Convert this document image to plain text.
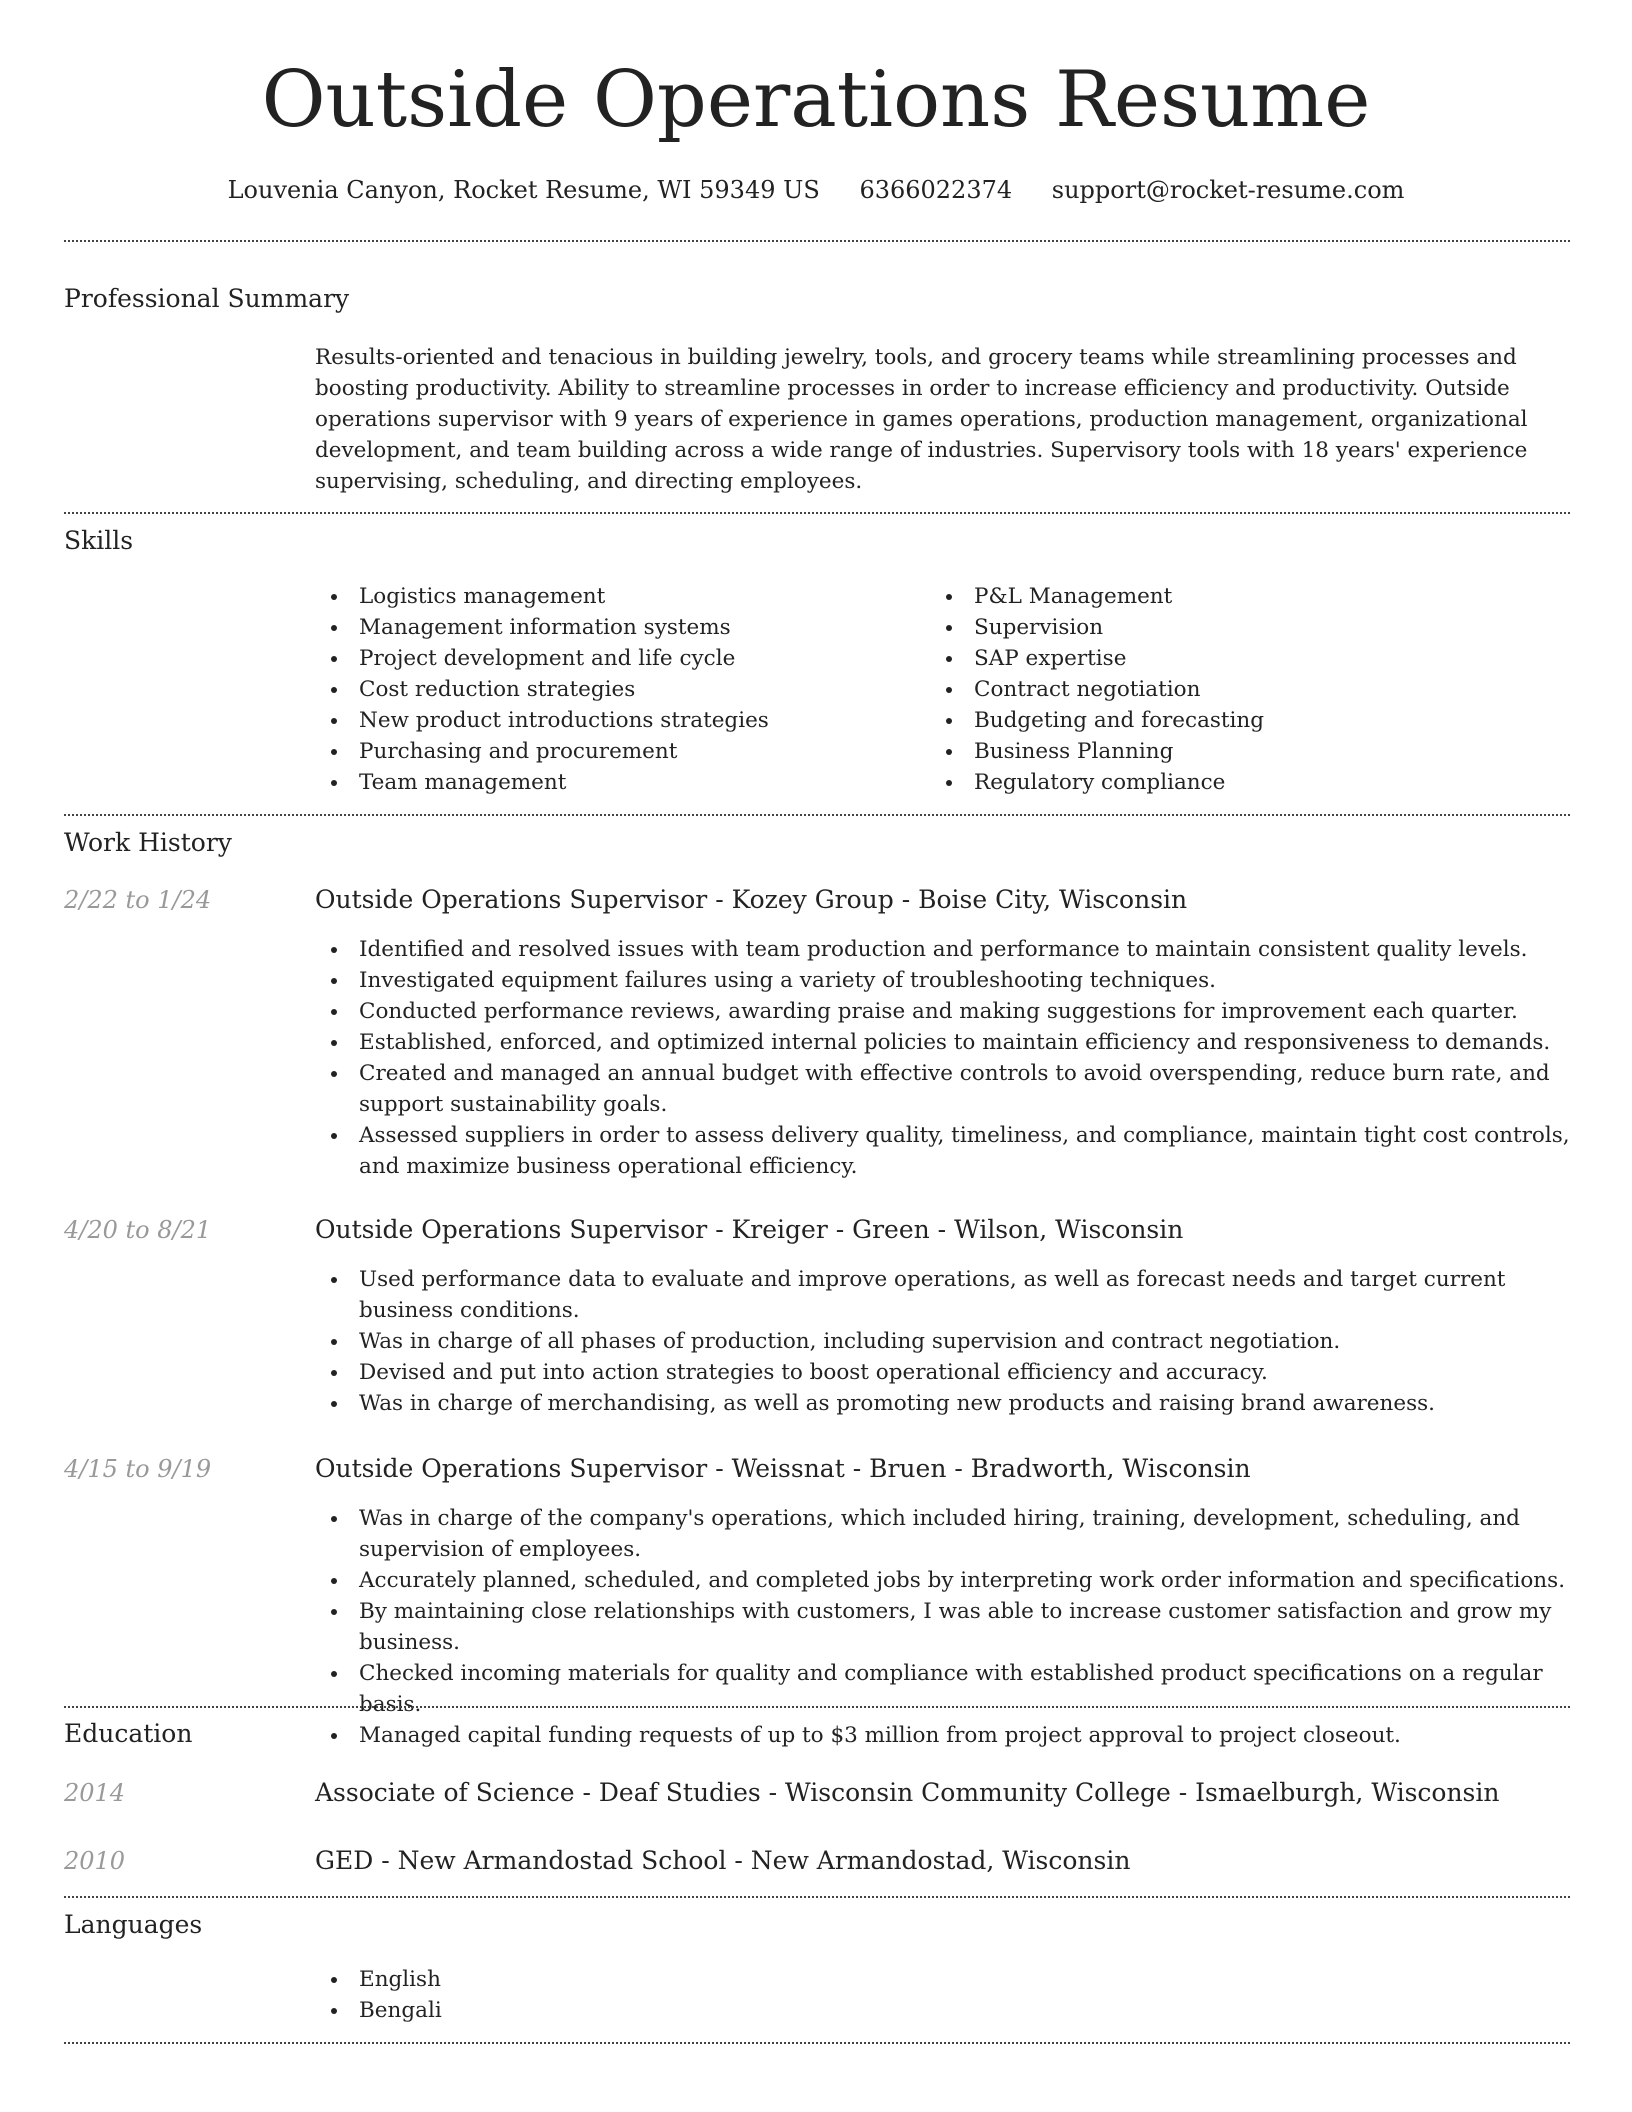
Outside Operations Resume
Louvenia Canyon, Rocket Resume, WI 59349 US 6366022374 support@rocket-resume.com
Professional Summary

Results-oriented and tenacious in building jewelry, tools, and grocery teams while streamlining processes and boosting productivity. Ability to streamline processes in order to increase efficiency and productivity. Outside operations supervisor with 9 years of experience in games operations, production management, organizational development, and team building across a wide range of industries. Supervisory tools with 18 years' experience supervising, scheduling, and directing employees.

Skills
Logistics management
Management information systems
Project development and life cycle
Cost reduction strategies
New product introductions strategies
Purchasing and procurement
Team management
P&L Management
Supervision
SAP expertise
Contract negotiation
Budgeting and forecasting
Business Planning
Regulatory compliance
Work History
2/22 to 1/24	Outside Operations Supervisor - Kozey Group - Boise City, Wisconsin
Identified and resolved issues with team production and performance to maintain consistent quality levels.
Investigated equipment failures using a variety of troubleshooting techniques.
Conducted performance reviews, awarding praise and making suggestions for improvement each quarter.
Established, enforced, and optimized internal policies to maintain efficiency and responsiveness to demands.
Created and managed an annual budget with effective controls to avoid overspending, reduce burn rate, and support sustainability goals.
Assessed suppliers in order to assess delivery quality, timeliness, and compliance, maintain tight cost controls, and maximize business operational efficiency.
4/20 to 8/21	Outside Operations Supervisor - Kreiger - Green - Wilson, Wisconsin
Used performance data to evaluate and improve operations, as well as forecast needs and target current business conditions.
Was in charge of all phases of production, including supervision and contract negotiation.
Devised and put into action strategies to boost operational efficiency and accuracy.
Was in charge of merchandising, as well as promoting new products and raising brand awareness.
4/15 to 9/19	Outside Operations Supervisor - Weissnat - Bruen - Bradworth, Wisconsin
Was in charge of the company's operations, which included hiring, training, development, scheduling, and supervision of employees.
Accurately planned, scheduled, and completed jobs by interpreting work order information and specifications.
By maintaining close relationships with customers, I was able to increase customer satisfaction and grow my business.
Checked incoming materials for quality and compliance with established product specifications on a regular basis.
Managed capital funding requests of up to $3 million from project approval to project closeout.
Education
2014	Associate of Science - Deaf Studies - Wisconsin Community College - Ismaelburgh, Wisconsin
2010	GED - New Armandostad School - New Armandostad, Wisconsin
Languages
English
Bengali
